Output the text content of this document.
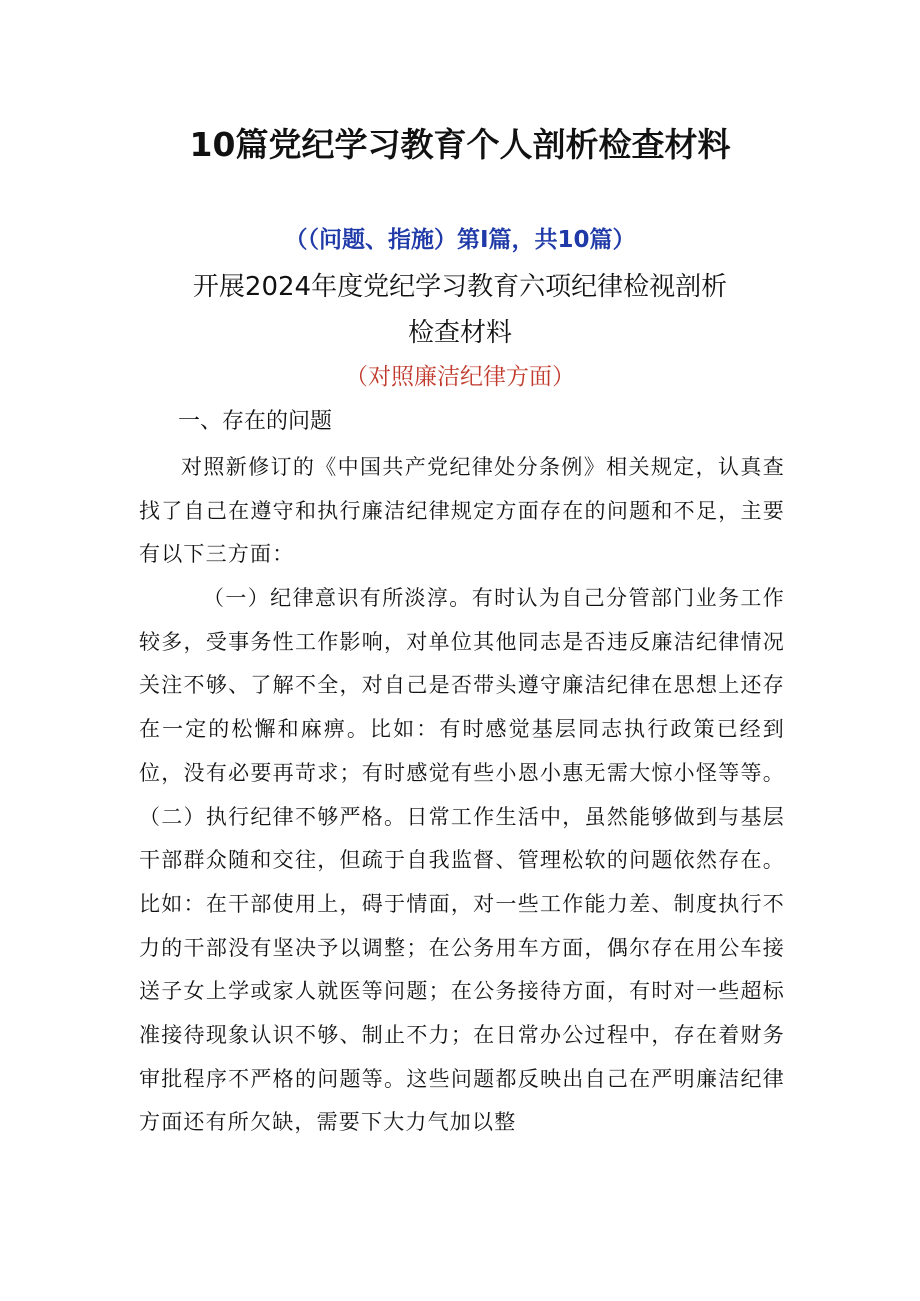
10篇党纪学习教育个人剖析检查材料

（（问题、指施）第I篇，共10篇）

开展2024年度党纪学习教育六项纪律检视剖析
检查材料

（对照廉洁纪律方面）

一、存在的问题

对照新修订的《中国共产党纪律处分条例》相关规定，认真查找了自己在遵守和执行廉洁纪律规定方面存在的问题和不足，主要有以下三方面：

（一）纪律意识有所淡淳。有时认为自己分管部门业务工作较多，受事务性工作影响，对单位其他同志是否违反廉洁纪律情况关注不够、了解不全，对自己是否带头遵守廉洁纪律在思想上还存在一定的松懈和麻痹。比如：有时感觉基层同志执行政策已经到位，没有必要再苛求；有时感觉有些小恩小惠无需大惊小怪等等。（二）执行纪律不够严格。日常工作生活中，虽然能够做到与基层干部群众随和交往，但疏于自我监督、管理松软的问题依然存在。比如：在干部使用上，碍于情面，对一些工作能力差、制度执行不力的干部没有坚决予以调整；在公务用车方面，偶尔存在用公车接送子女上学或家人就医等问题；在公务接待方面，有时对一些超标准接待现象认识不够、制止不力；在日常办公过程中，存在着财务审批程序不严格的问题等。这些问题都反映出自己在严明廉洁纪律方面还有所欠缺，需要下大力气加以整
